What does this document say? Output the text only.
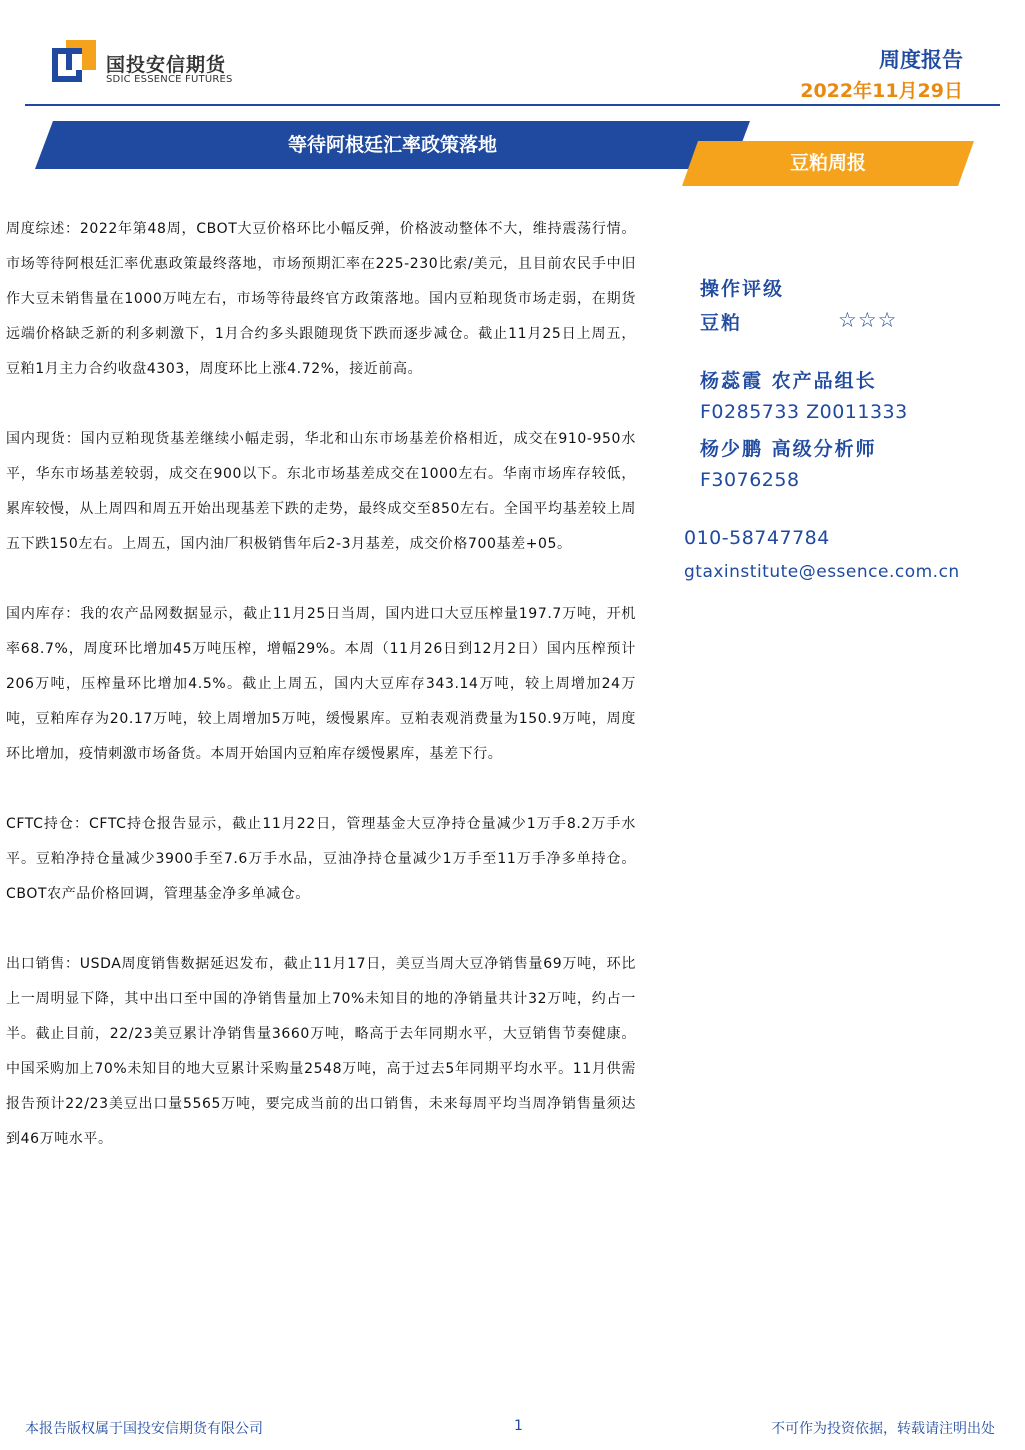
国投安信期货
SDIC ESSENCE FUTURES
周度报告
2022年11月29日
等待阿根廷汇率政策落地
豆粕周报

周度综述：2022年第48周，CBOT大豆价格环比小幅反弹，价格波动整体不大，维持震荡行情。市场等待阿根廷汇率优惠政策最终落地，市场预期汇率在225-230比索/美元，且目前农民手中旧作大豆未销售量在1000万吨左右，市场等待最终官方政策落地。国内豆粕现货市场走弱，在期货远端价格缺乏新的利多刺激下，1月合约多头跟随现货下跌而逐步减仓。截止11月25日上周五，豆粕1月主力合约收盘4303，周度环比上涨4.72%，接近前高。

国内现货：国内豆粕现货基差继续小幅走弱，华北和山东市场基差价格相近，成交在910-950水平，华东市场基差较弱，成交在900以下。东北市场基差成交在1000左右。华南市场库存较低，累库较慢，从上周四和周五开始出现基差下跌的走势，最终成交至850左右。全国平均基差较上周五下跌150左右。上周五，国内油厂积极销售年后2-3月基差，成交价格700基差+05。

国内库存：我的农产品网数据显示，截止11月25日当周，国内进口大豆压榨量197.7万吨，开机率68.7%，周度环比增加45万吨压榨，增幅29%。本周（11月26日到12月2日）国内压榨预计206万吨，压榨量环比增加4.5%。截止上周五，国内大豆库存343.14万吨，较上周增加24万吨，豆粕库存为20.17万吨，较上周增加5万吨，缓慢累库。豆粕表观消费量为150.9万吨，周度环比增加，疫情刺激市场备货。本周开始国内豆粕库存缓慢累库，基差下行。

CFTC持仓：CFTC持仓报告显示，截止11月22日，管理基金大豆净持仓量减少1万手8.2万手水平。豆粕净持仓量减少3900手至7.6万手水品，豆油净持仓量减少1万手至11万手净多单持仓。CBOT农产品价格回调，管理基金净多单减仓。

出口销售：USDA周度销售数据延迟发布，截止11月17日，美豆当周大豆净销售量69万吨，环比上一周明显下降，其中出口至中国的净销售量加上70%未知目的地的净销量共计32万吨，约占一半。截止目前，22/23美豆累计净销售量3660万吨，略高于去年同期水平，大豆销售节奏健康。中国采购加上70%未知目的地大豆累计采购量2548万吨，高于过去5年同期平均水平。11月供需报告预计22/23美豆出口量5565万吨，要完成当前的出口销售，未来每周平均当周净销售量须达到46万吨水平。

操作评级
豆粕	☆☆☆
杨蕊霞 农产品组长
F0285733 Z0011333
杨少鹏 高级分析师
F3076258
010-58747784
gtaxinstitute@essence.com.cn
本报告版权属于国投安信期货有限公司	1	不可作为投资依据，转载请注明出处
